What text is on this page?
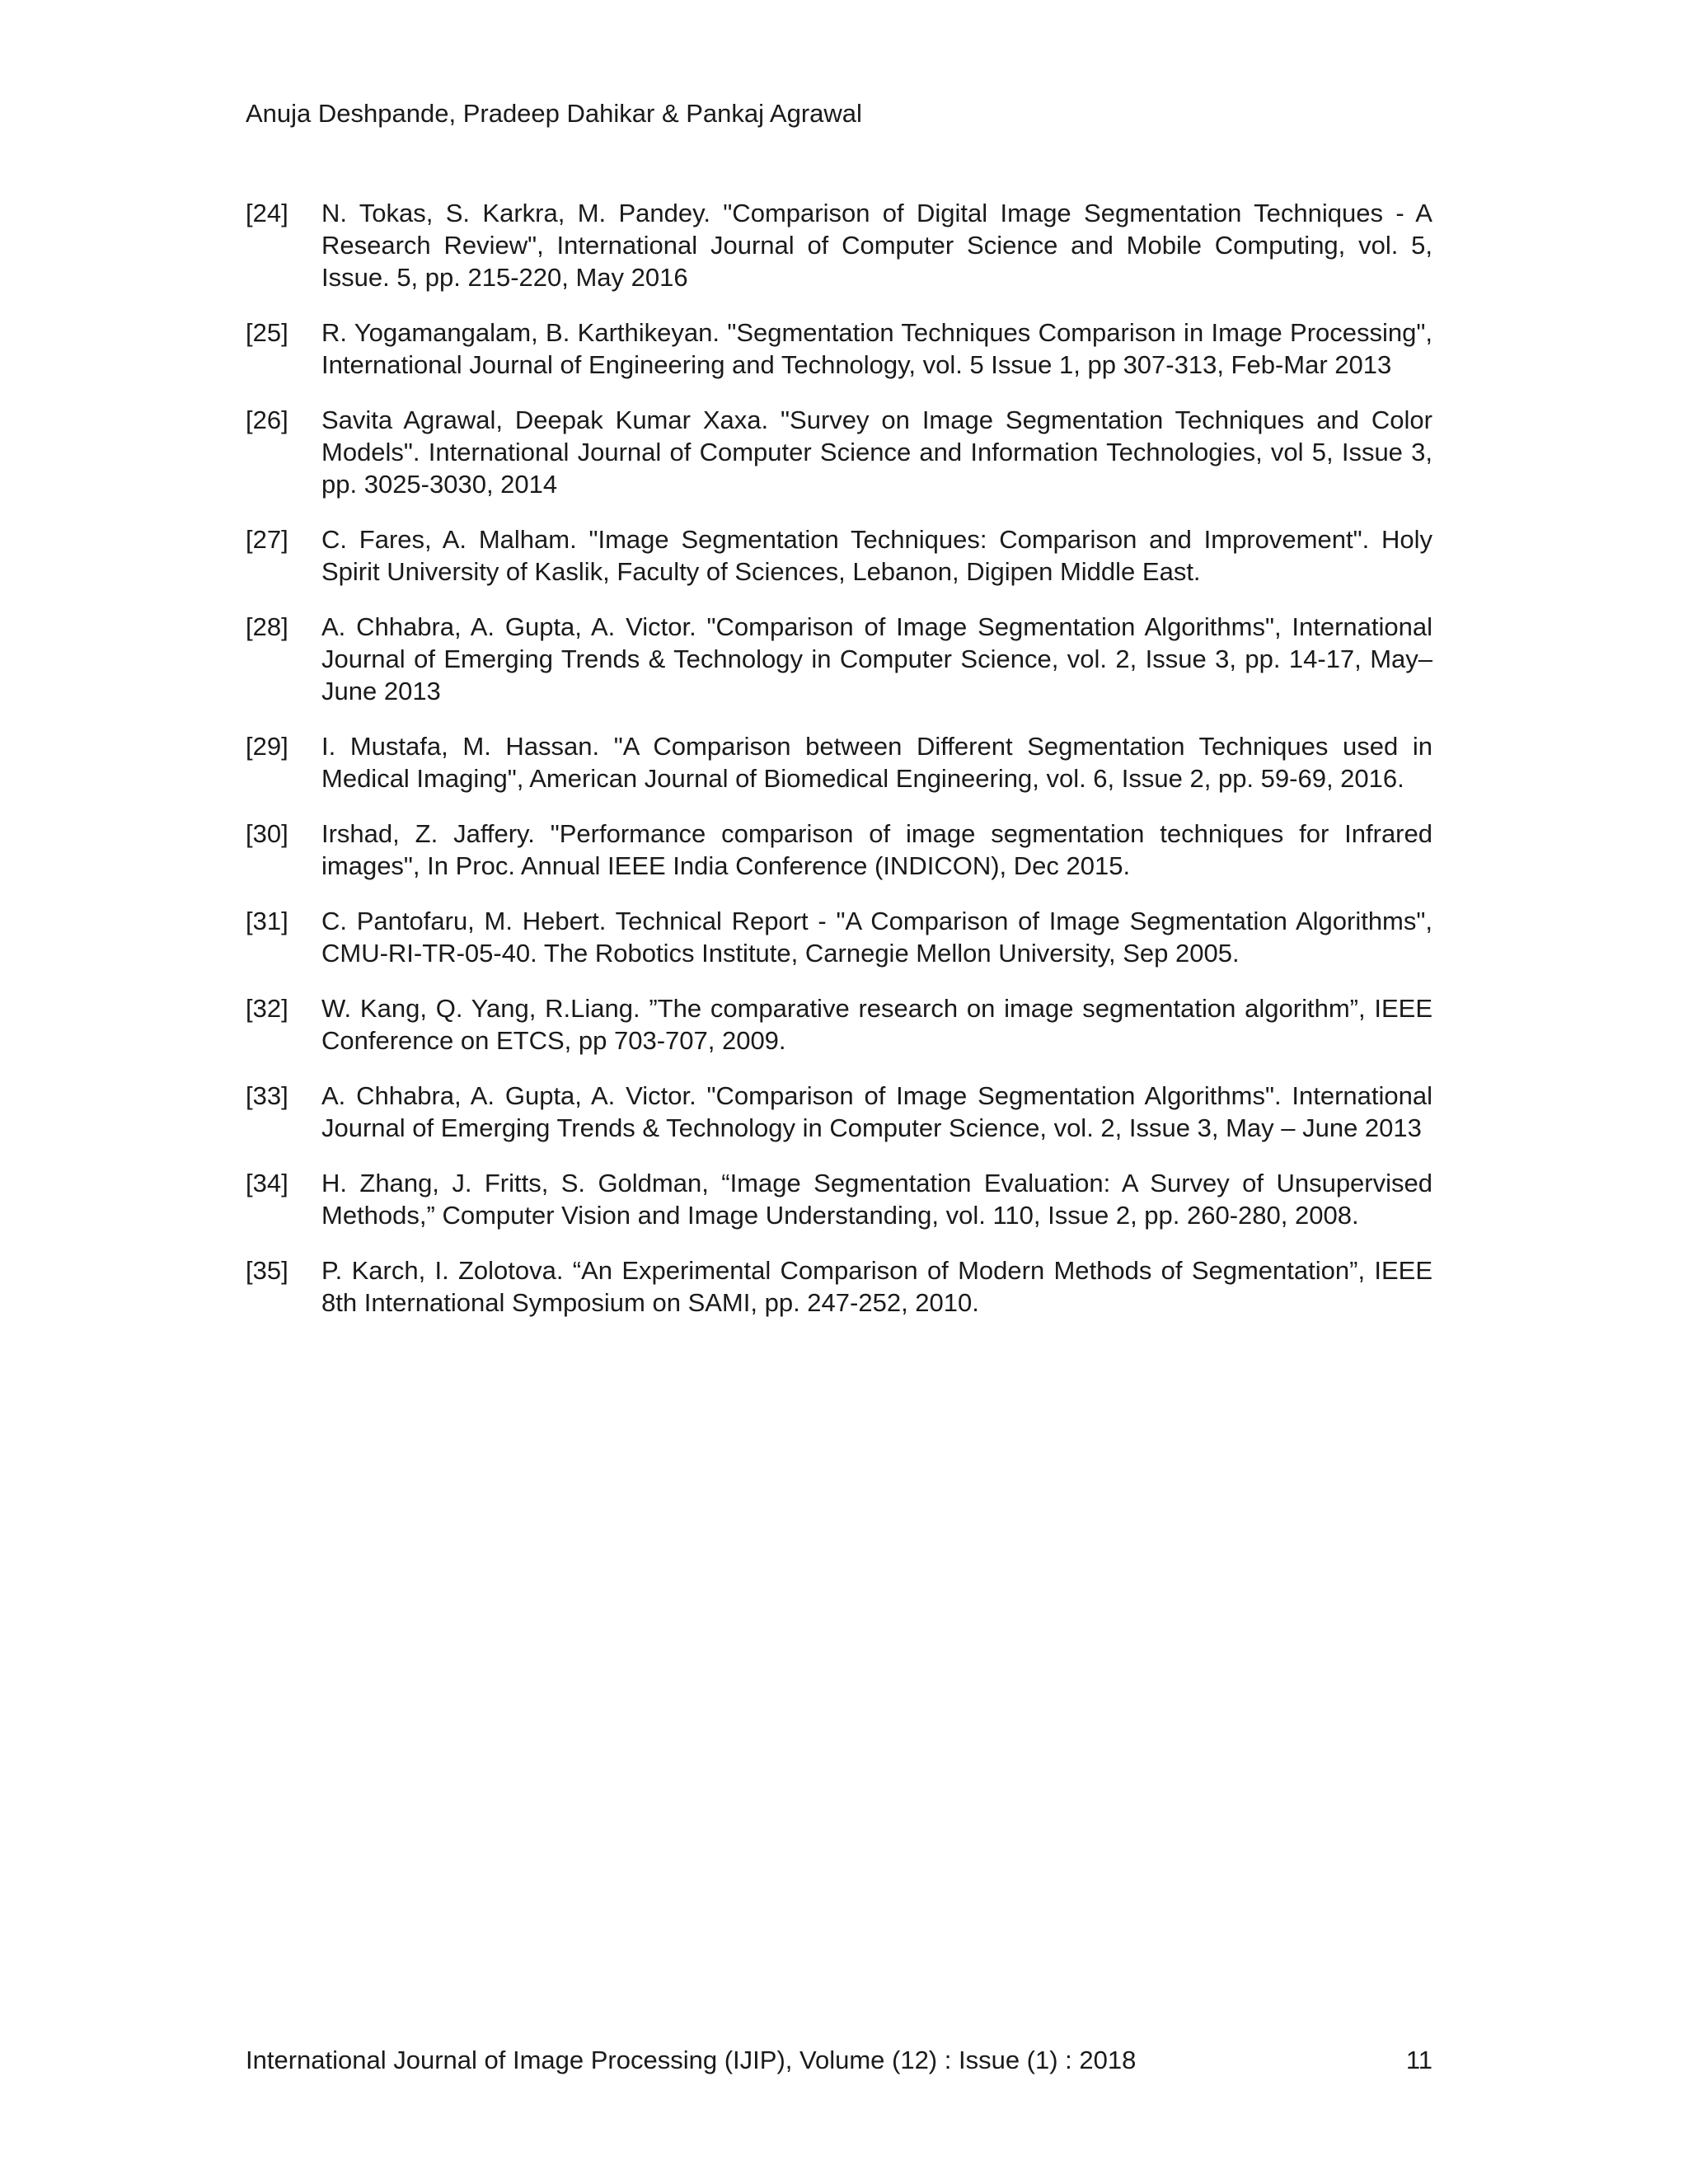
Anuja Deshpande, Pradeep Dahikar & Pankaj Agrawal
[24]	N. Tokas, S. Karkra, M. Pandey. "Comparison of Digital Image Segmentation Techniques - A Research Review", International Journal of Computer Science and Mobile Computing, vol. 5, Issue. 5, pp. 215-220, May 2016
[25]	R. Yogamangalam, B. Karthikeyan. "Segmentation Techniques Comparison in Image Processing", International Journal of Engineering and Technology, vol. 5 Issue 1, pp 307-313, Feb-Mar 2013
[26]	Savita Agrawal, Deepak Kumar Xaxa. "Survey on Image Segmentation Techniques and Color Models". International Journal of Computer Science and Information Technologies, vol 5, Issue 3, pp. 3025-3030, 2014
[27]	C. Fares, A. Malham. "Image Segmentation Techniques: Comparison and Improvement". Holy Spirit University of Kaslik, Faculty of Sciences, Lebanon, Digipen Middle East.
[28]	A. Chhabra, A. Gupta, A. Victor. "Comparison of Image Segmentation Algorithms", International Journal of Emerging Trends & Technology in Computer Science, vol. 2, Issue 3, pp. 14-17, May–June 2013
[29]	I. Mustafa, M. Hassan. "A Comparison between Different Segmentation Techniques used in Medical Imaging", American Journal of Biomedical Engineering, vol. 6, Issue 2, pp. 59-69, 2016.
[30]	Irshad, Z. Jaffery. "Performance comparison of image segmentation techniques for Infrared images", In Proc. Annual IEEE India Conference (INDICON), Dec 2015.
[31]	C. Pantofaru, M. Hebert. Technical Report - "A Comparison of Image Segmentation Algorithms", CMU-RI-TR-05-40. The Robotics Institute, Carnegie Mellon University, Sep 2005.
[32]	W. Kang, Q. Yang, R.Liang. ”The comparative research on image segmentation algorithm”, IEEE Conference on ETCS, pp 703-707, 2009.
[33]	A. Chhabra, A. Gupta, A. Victor. "Comparison of Image Segmentation Algorithms". International Journal of Emerging Trends & Technology in Computer Science, vol. 2, Issue 3, May – June 2013
[34]	H. Zhang, J. Fritts, S. Goldman, “Image Segmentation Evaluation: A Survey of Unsupervised Methods,” Computer Vision and Image Understanding, vol. 110, Issue 2, pp. 260-280, 2008.
[35]	P. Karch, I. Zolotova. “An Experimental Comparison of Modern Methods of Segmentation”, IEEE 8th International Symposium on SAMI, pp. 247-252, 2010.
International Journal of Image Processing (IJIP), Volume (12) : Issue (1) : 2018	11
